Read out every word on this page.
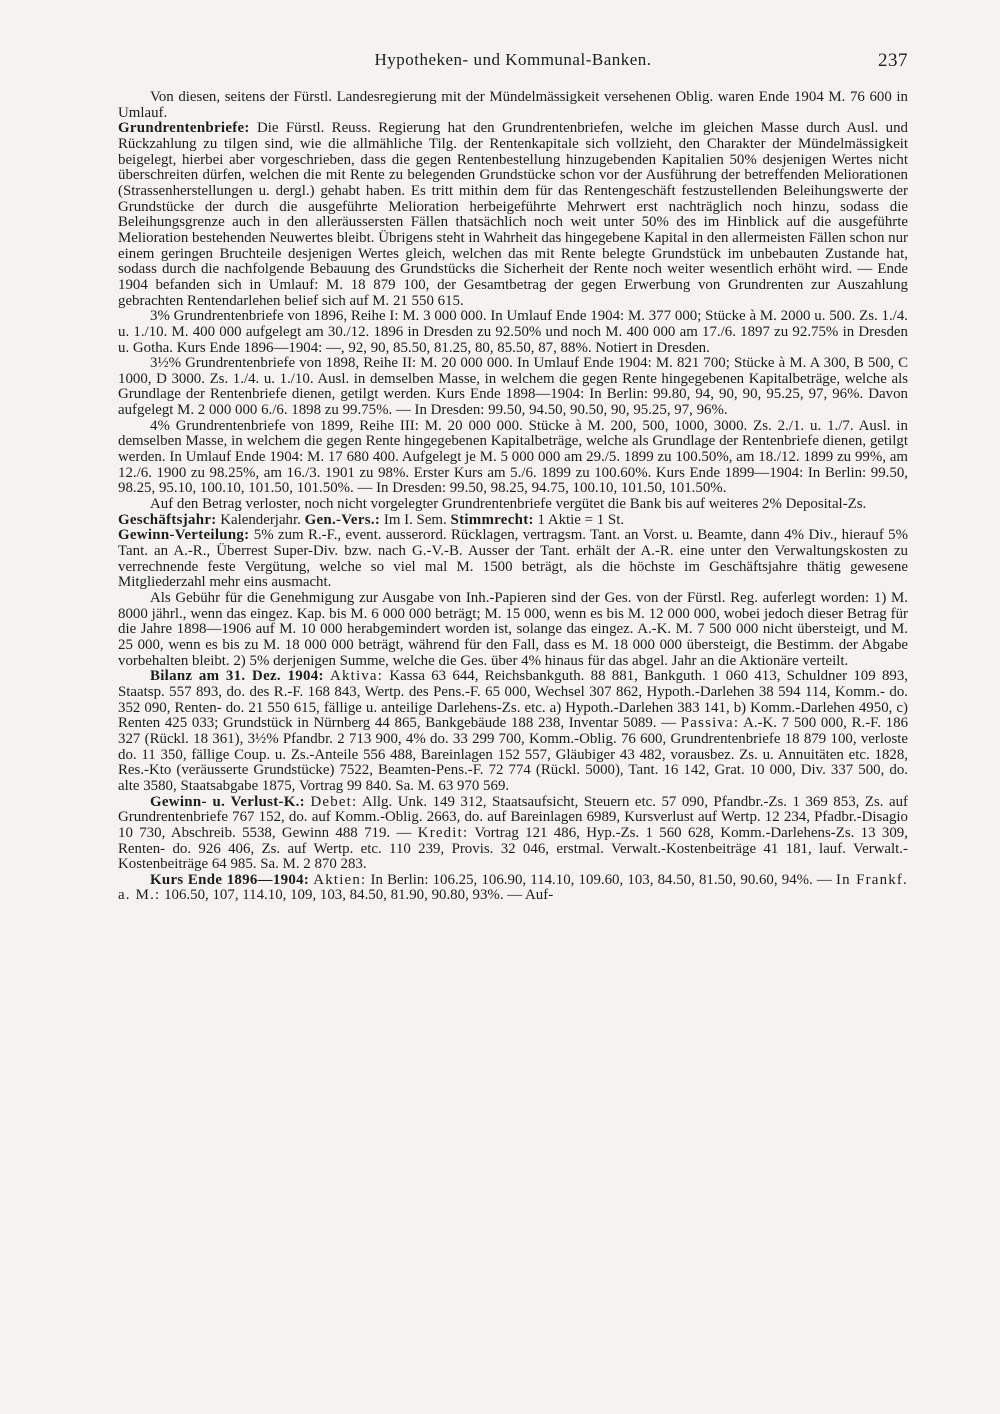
Hypotheken- und Kommunal-Banken.	237

Von diesen, seitens der Fürstl. Landesregierung mit der Mündelmässigkeit versehenen Oblig. waren Ende 1904 M. 76 600 in Umlauf.

Grundrentenbriefe: Die Fürstl. Reuss. Regierung hat den Grundrentenbriefen, welche im gleichen Masse durch Ausl. und Rückzahlung zu tilgen sind, wie die allmähliche Tilg. der Rentenkapitale sich vollzieht, den Charakter der Mündelmässigkeit beigelegt, hierbei aber vorgeschrieben, dass die gegen Rentenbestellung hinzugebenden Kapitalien 50% desjenigen Wertes nicht überschreiten dürfen, welchen die mit Rente zu belegenden Grundstücke schon vor der Ausführung der betreffenden Meliorationen (Strassenherstellungen u. dergl.) gehabt haben. Es tritt mithin dem für das Rentengeschäft festzustellenden Beleihungswerte der Grundstücke der durch die ausgeführte Melioration herbeigeführte Mehrwert erst nachträglich noch hinzu, sodass die Beleihungsgrenze auch in den alleräussersten Fällen thatsächlich noch weit unter 50% des im Hinblick auf die ausgeführte Melioration bestehenden Neuwertes bleibt. Übrigens steht in Wahrheit das hingegebene Kapital in den allermeisten Fällen schon nur einem geringen Bruchteile desjenigen Wertes gleich, welchen das mit Rente belegte Grundstück im unbebauten Zustande hat, sodass durch die nachfolgende Bebauung des Grundstücks die Sicherheit der Rente noch weiter wesentlich erhöht wird. — Ende 1904 befanden sich in Umlauf: M. 18 879 100, der Gesamtbetrag der gegen Erwerbung von Grundrenten zur Auszahlung gebrachten Rentendarlehen belief sich auf M. 21 550 615.

3% Grundrentenbriefe von 1896, Reihe I: M. 3 000 000. In Umlauf Ende 1904: M. 377 000; Stücke à M. 2000 u. 500. Zs. 1./4. u. 1./10. M. 400 000 aufgelegt am 30./12. 1896 in Dresden zu 92.50% und noch M. 400 000 am 17./6. 1897 zu 92.75% in Dresden u. Gotha. Kurs Ende 1896—1904: —, 92, 90, 85.50, 81.25, 80, 85.50, 87, 88%. Notiert in Dresden.

3½% Grundrentenbriefe von 1898, Reihe II: M. 20 000 000. In Umlauf Ende 1904: M. 821 700; Stücke à M. A 300, B 500, C 1000, D 3000. Zs. 1./4. u. 1./10. Ausl. in demselben Masse, in welchem die gegen Rente hingegebenen Kapitalbeträge, welche als Grundlage der Rentenbriefe dienen, getilgt werden. Kurs Ende 1898—1904: In Berlin: 99.80, 94, 90, 90, 95.25, 97, 96%. Davon aufgelegt M. 2 000 000 6./6. 1898 zu 99.75%. — In Dresden: 99.50, 94.50, 90.50, 90, 95.25, 97, 96%.

4% Grundrentenbriefe von 1899, Reihe III: M. 20 000 000. Stücke à M. 200, 500, 1000, 3000. Zs. 2./1. u. 1./7. Ausl. in demselben Masse, in welchem die gegen Rente hingegebenen Kapitalbeträge, welche als Grundlage der Rentenbriefe dienen, getilgt werden. In Umlauf Ende 1904: M. 17 680 400. Aufgelegt je M. 5 000 000 am 29./5. 1899 zu 100.50%, am 18./12. 1899 zu 99%, am 12./6. 1900 zu 98.25%, am 16./3. 1901 zu 98%. Erster Kurs am 5./6. 1899 zu 100.60%. Kurs Ende 1899—1904: In Berlin: 99.50, 98.25, 95.10, 100.10, 101.50, 101.50%. — In Dresden: 99.50, 98.25, 94.75, 100.10, 101.50, 101.50%.

Auf den Betrag verloster, noch nicht vorgelegter Grundrentenbriefe vergütet die Bank bis auf weiteres 2% Deposital-Zs.

Geschäftsjahr: Kalenderjahr. Gen.-Vers.: Im I. Sem. Stimmrecht: 1 Aktie = 1 St.

Gewinn-Verteilung: 5% zum R.-F., event. ausserord. Rücklagen, vertragsm. Tant. an Vorst. u. Beamte, dann 4% Div., hierauf 5% Tant. an A.-R., Überrest Super-Div. bzw. nach G.-V.-B. Ausser der Tant. erhält der A.-R. eine unter den Verwaltungskosten zu verrechnende feste Vergütung, welche so viel mal M. 1500 beträgt, als die höchste im Geschäftsjahre thätig gewesene Mitgliederzahl mehr eins ausmacht.

Als Gebühr für die Genehmigung zur Ausgabe von Inh.-Papieren sind der Ges. von der Fürstl. Reg. auferlegt worden: 1) M. 8000 jährl., wenn das eingez. Kap. bis M. 6 000 000 beträgt; M. 15 000, wenn es bis M. 12 000 000, wobei jedoch dieser Betrag für die Jahre 1898—1906 auf M. 10 000 herabgemindert worden ist, solange das eingez. A.-K. M. 7 500 000 nicht übersteigt, und M. 25 000, wenn es bis zu M. 18 000 000 beträgt, während für den Fall, dass es M. 18 000 000 übersteigt, die Bestimm. der Abgabe vorbehalten bleibt. 2) 5% derjenigen Summe, welche die Ges. über 4% hinaus für das abgel. Jahr an die Aktionäre verteilt.

Bilanz am 31. Dez. 1904: Aktiva: Kassa 63 644, Reichsbankguth. 88 881, Bankguth. 1 060 413, Schuldner 109 893, Staatsp. 557 893, do. des R.-F. 168 843, Wertp. des Pens.-F. 65 000, Wechsel 307 862, Hypoth.-Darlehen 38 594 114, Komm.- do. 352 090, Renten- do. 21 550 615, fällige u. anteilige Darlehens-Zs. etc. a) Hypoth.-Darlehen 383 141, b) Komm.-Darlehen 4950, c) Renten 425 033; Grundstück in Nürnberg 44 865, Bankgebäude 188 238, Inventar 5089. — Passiva: A.-K. 7 500 000, R.-F. 186 327 (Rückl. 18 361), 3½% Pfandbr. 2 713 900, 4% do. 33 299 700, Komm.-Oblig. 76 600, Grundrentenbriefe 18 879 100, verloste do. 11 350, fällige Coup. u. Zs.-Anteile 556 488, Bareinlagen 152 557, Gläubiger 43 482, vorausbez. Zs. u. Annuitäten etc. 1828, Res.-Kto (veräusserte Grundstücke) 7522, Beamten-Pens.-F. 72 774 (Rückl. 5000), Tant. 16 142, Grat. 10 000, Div. 337 500, do. alte 3580, Staatsabgabe 1875, Vortrag 99 840. Sa. M. 63 970 569.

Gewinn- u. Verlust-K.: Debet: Allg. Unk. 149 312, Staatsaufsicht, Steuern etc. 57 090, Pfandbr.-Zs. 1 369 853, Zs. auf Grundrentenbriefe 767 152, do. auf Komm.-Oblig. 2663, do. auf Bareinlagen 6989, Kursverlust auf Wertp. 12 234, Pfadbr.-Disagio 10 730, Abschreib. 5538, Gewinn 488 719. — Kredit: Vortrag 121 486, Hyp.-Zs. 1 560 628, Komm.-Darlehens-Zs. 13 309, Renten- do. 926 406, Zs. auf Wertp. etc. 110 239, Provis. 32 046, erstmal. Verwalt.-Kostenbeiträge 41 181, lauf. Verwalt.-Kostenbeiträge 64 985. Sa. M. 2 870 283.

Kurs Ende 1896—1904: Aktien: In Berlin: 106.25, 106.90, 114.10, 109.60, 103, 84.50, 81.50, 90.60, 94%. — In Frankf. a. M.: 106.50, 107, 114.10, 109, 103, 84.50, 81.90, 90.80, 93%. — Auf-
